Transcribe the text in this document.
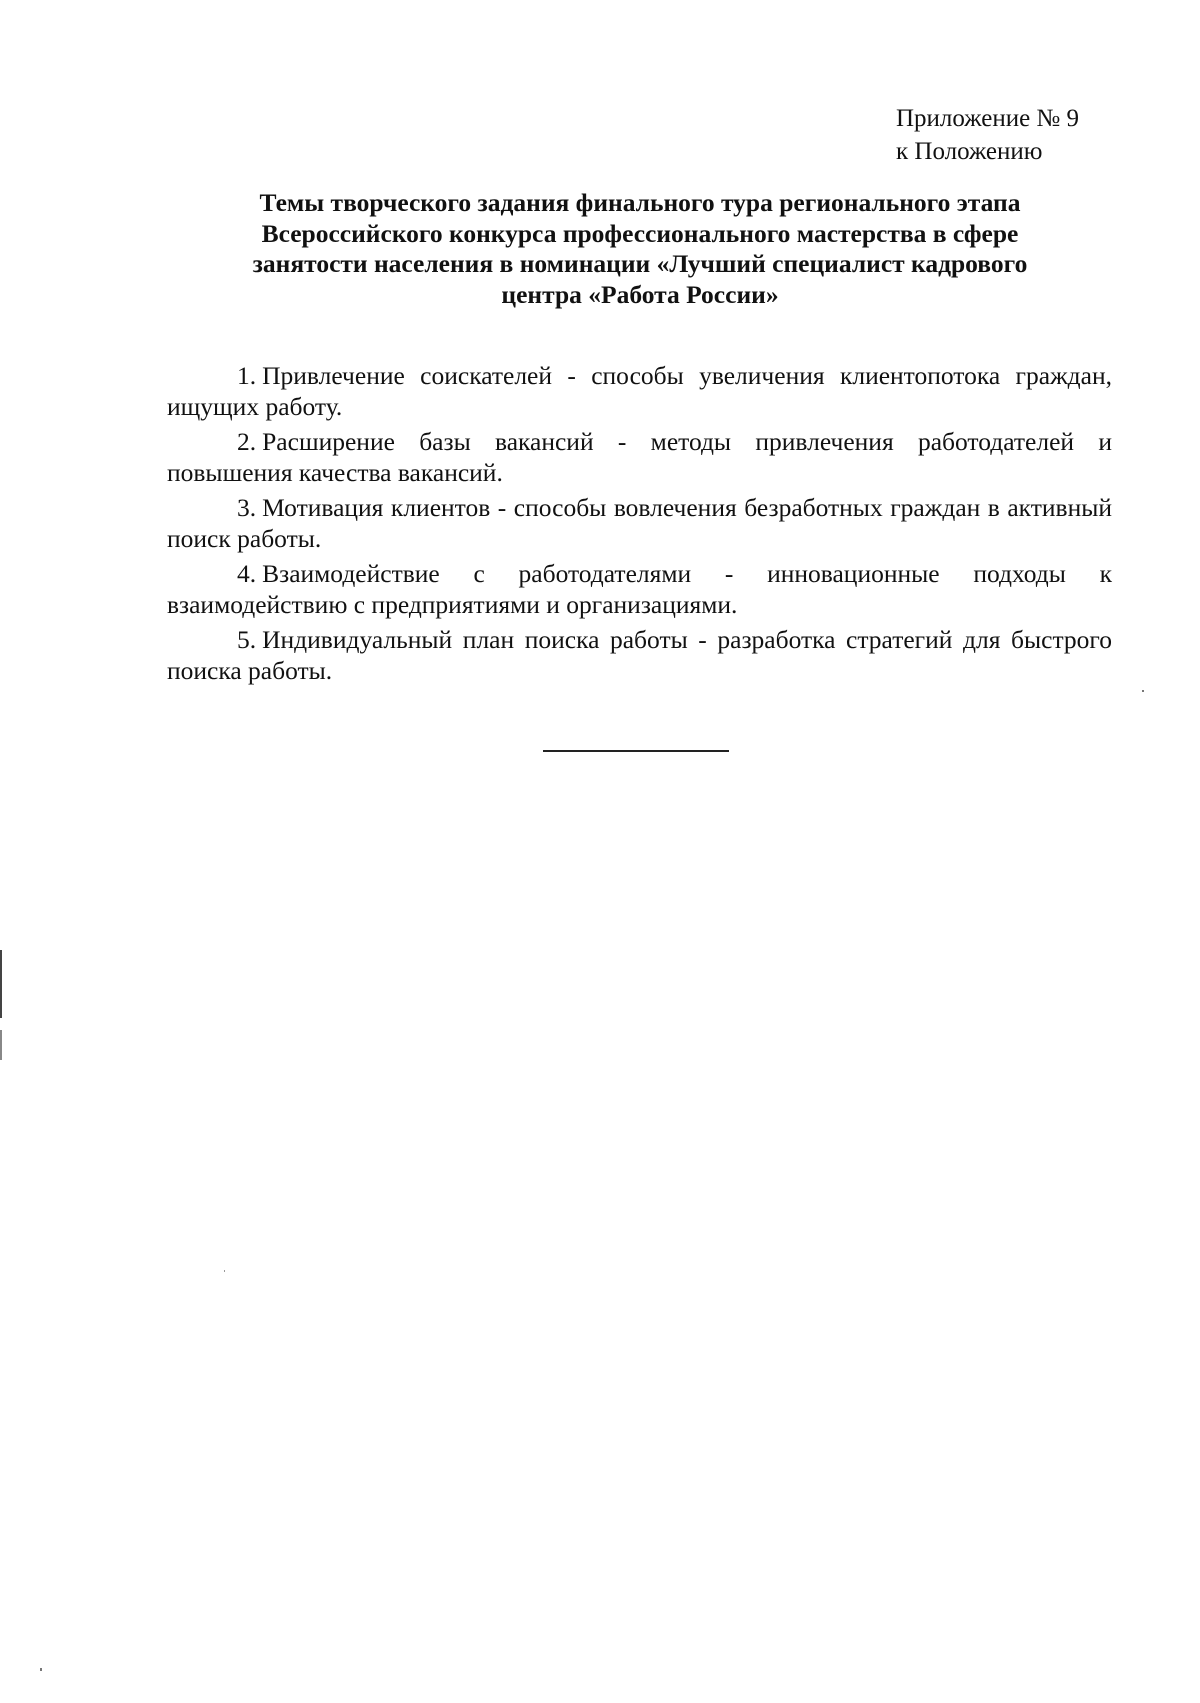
Приложение № 9
к Положению
Темы творческого задания финального тура регионального этапа
Всероссийского конкурса профессионального мастерства в сфере
занятости населения в номинации «Лучший специалист кадрового
центра «Работа России»

1. Привлечение соискателей - способы увеличения клиентопотока граждан, ищущих работу.

2. Расширение базы вакансий - методы привлечения работодателей и повышения качества вакансий.

3. Мотивация клиентов - способы вовлечения безработных граждан в активный поиск работы.

4. Взаимодействие с работодателями - инновационные подходы к взаимодействию с предприятиями и организациями.

5. Индивидуальный план поиска работы - разработка стратегий для быстрого поиска работы.
